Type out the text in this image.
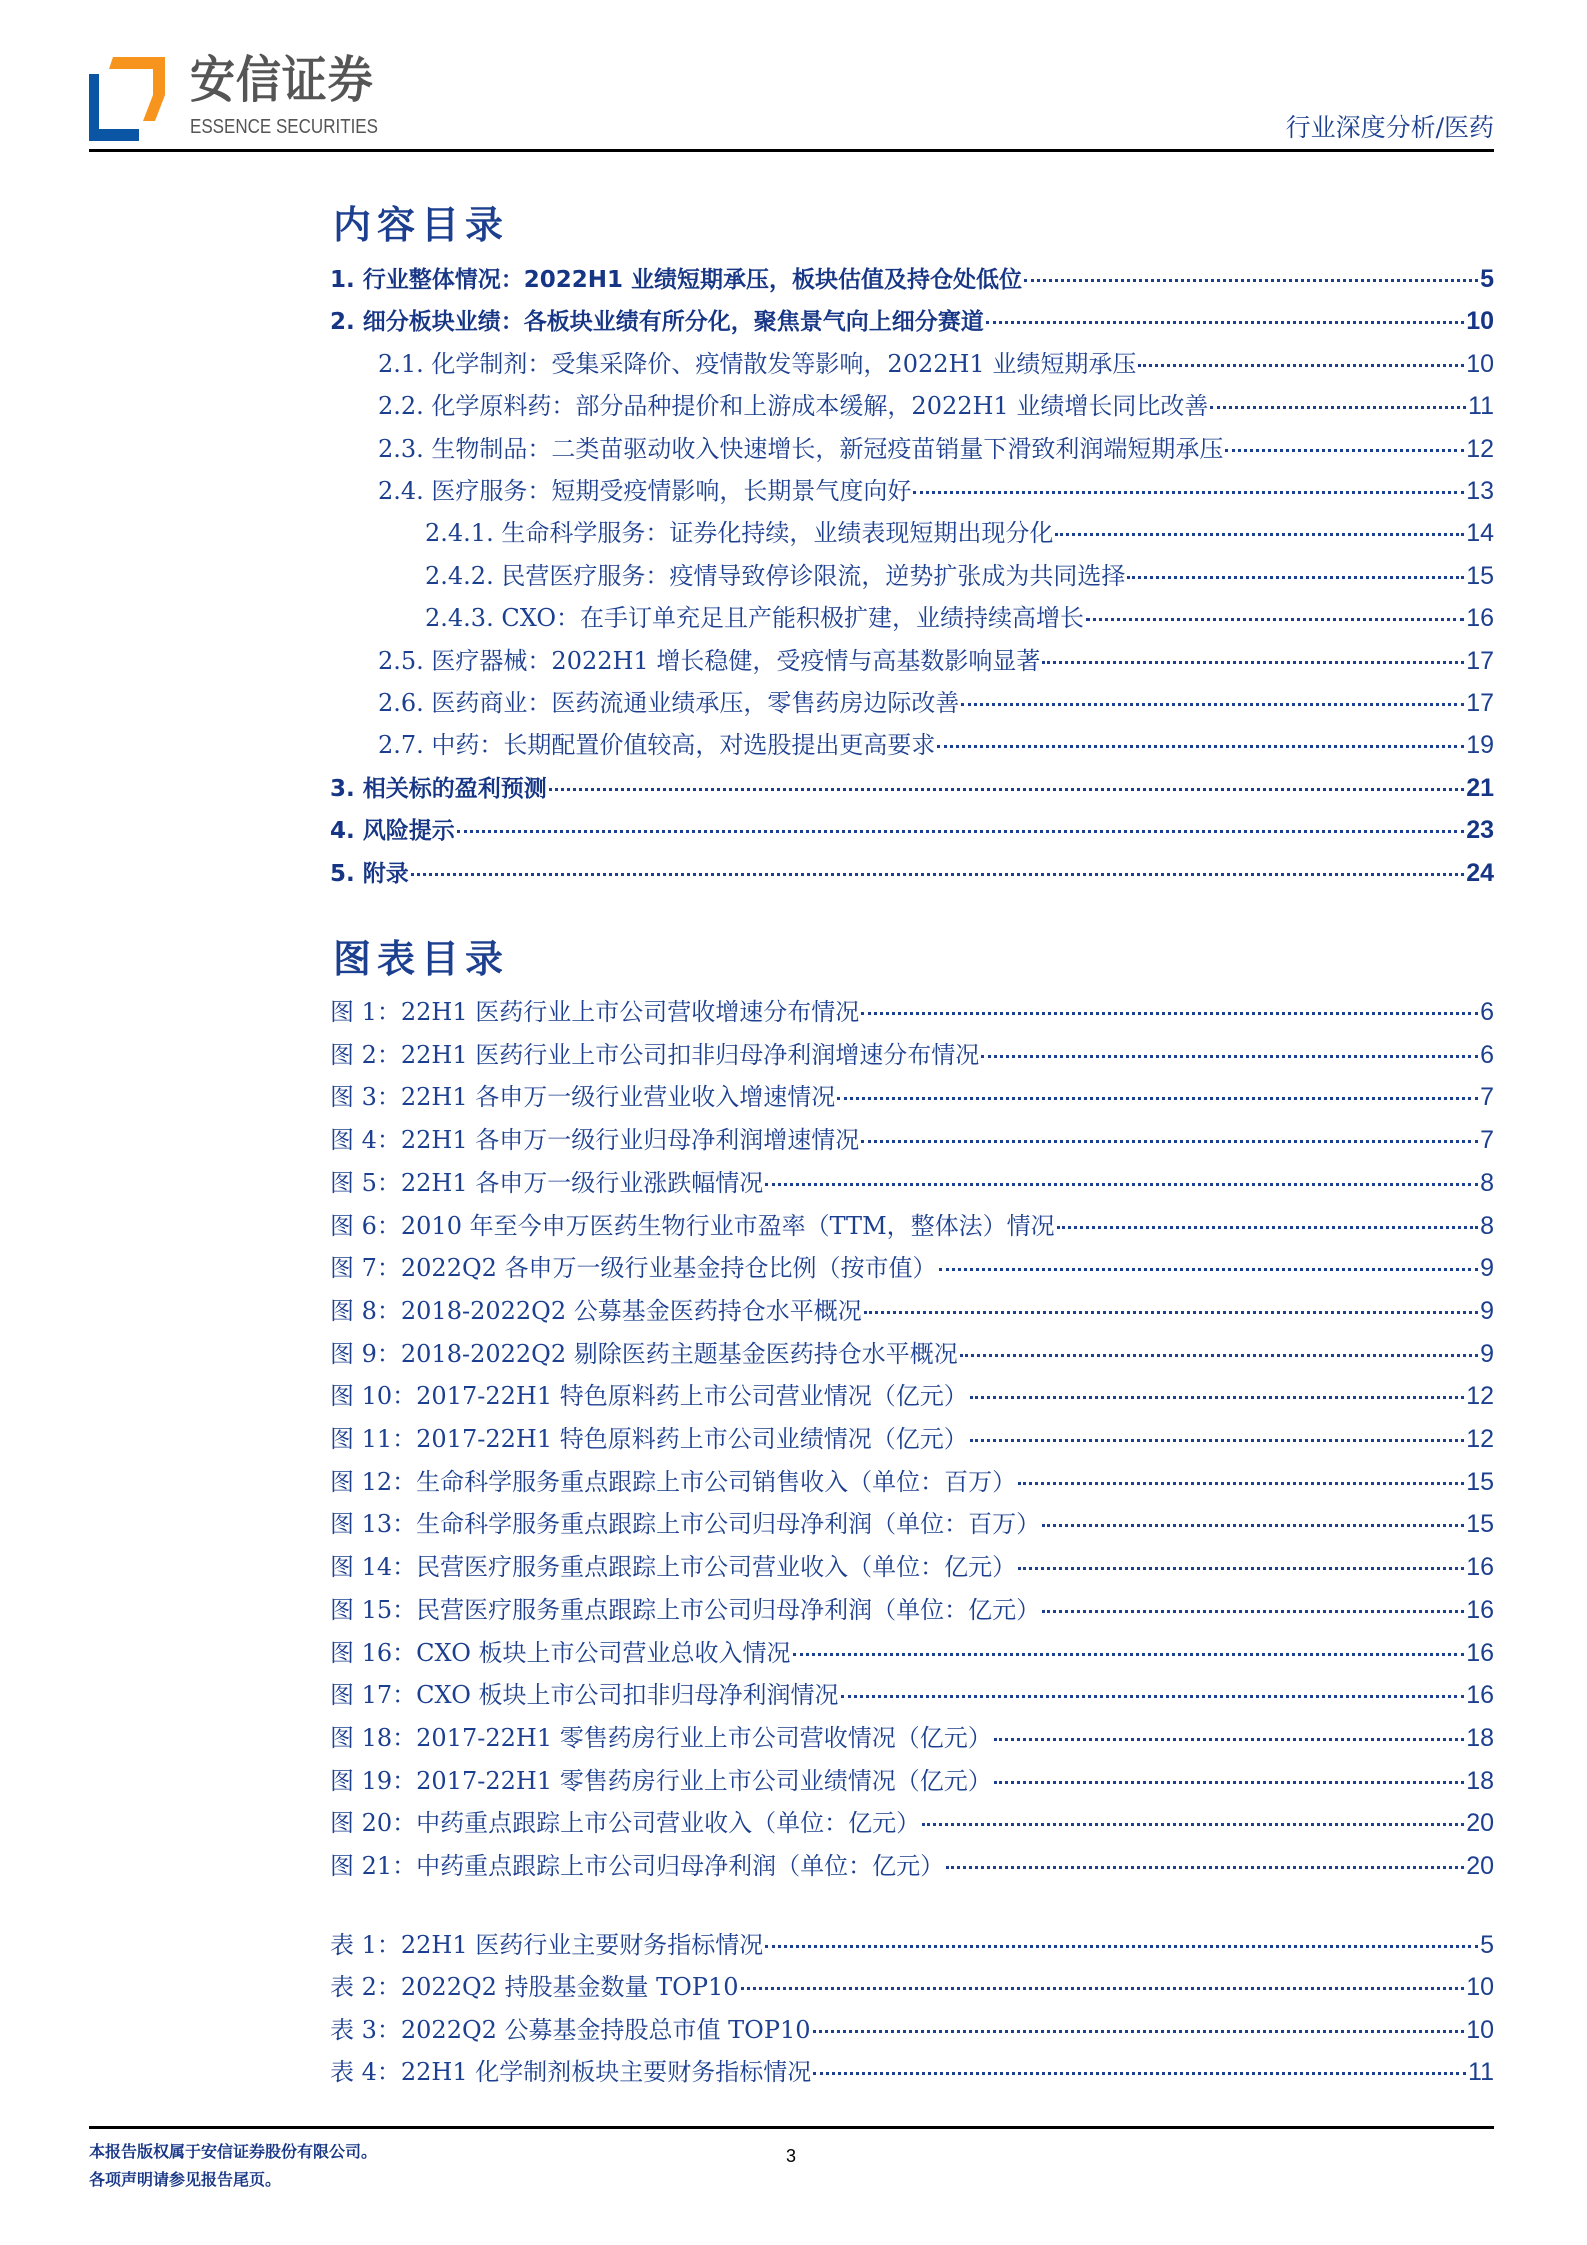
安信证券
ESSENCE SECURITIES	行业深度分析/医药
内容目录
1. 行业整体情况：2022H1 业绩短期承压，板块估值及持仓处低位	5
2. 细分板块业绩：各板块业绩有所分化，聚焦景气向上细分赛道	10
2.1. 化学制剂：受集采降价、疫情散发等影响，2022H1 业绩短期承压	10
2.2. 化学原料药：部分品种提价和上游成本缓解，2022H1 业绩增长同比改善	11
2.3. 生物制品：二类苗驱动收入快速增长，新冠疫苗销量下滑致利润端短期承压	12
2.4. 医疗服务：短期受疫情影响，长期景气度向好	13
2.4.1. 生命科学服务：证券化持续，业绩表现短期出现分化	14
2.4.2. 民营医疗服务：疫情导致停诊限流，逆势扩张成为共同选择	15
2.4.3. CXO：在手订单充足且产能积极扩建，业绩持续高增长	16
2.5. 医疗器械：2022H1 增长稳健，受疫情与高基数影响显著	17
2.6. 医药商业：医药流通业绩承压，零售药房边际改善	17
2.7. 中药：长期配置价值较高，对选股提出更高要求	19
3. 相关标的盈利预测	21
4. 风险提示	23
5. 附录	24
图表目录
图 1：22H1 医药行业上市公司营收增速分布情况	6
图 2：22H1 医药行业上市公司扣非归母净利润增速分布情况	6
图 3：22H1 各申万一级行业营业收入增速情况	7
图 4：22H1 各申万一级行业归母净利润增速情况	7
图 5：22H1 各申万一级行业涨跌幅情况	8
图 6：2010 年至今申万医药生物行业市盈率（TTM，整体法）情况	8
图 7：2022Q2 各申万一级行业基金持仓比例（按市值）	9
图 8：2018-2022Q2 公募基金医药持仓水平概况	9
图 9：2018-2022Q2 剔除医药主题基金医药持仓水平概况	9
图 10：2017-22H1 特色原料药上市公司营业情况（亿元）	12
图 11：2017-22H1 特色原料药上市公司业绩情况（亿元）	12
图 12：生命科学服务重点跟踪上市公司销售收入（单位：百万）	15
图 13：生命科学服务重点跟踪上市公司归母净利润（单位：百万）	15
图 14：民营医疗服务重点跟踪上市公司营业收入（单位：亿元）	16
图 15：民营医疗服务重点跟踪上市公司归母净利润（单位：亿元）	16
图 16：CXO 板块上市公司营业总收入情况	16
图 17：CXO 板块上市公司扣非归母净利润情况	16
图 18：2017-22H1 零售药房行业上市公司营收情况（亿元）	18
图 19：2017-22H1 零售药房行业上市公司业绩情况（亿元）	18
图 20：中药重点跟踪上市公司营业收入（单位：亿元）	20
图 21：中药重点跟踪上市公司归母净利润（单位：亿元）	20
表 1：22H1 医药行业主要财务指标情况	5
表 2：2022Q2 持股基金数量 TOP10	10
表 3：2022Q2 公募基金持股总市值 TOP10	10
表 4：22H1 化学制剂板块主要财务指标情况	11
本报告版权属于安信证券股份有限公司。
各项声明请参见报告尾页。
3
